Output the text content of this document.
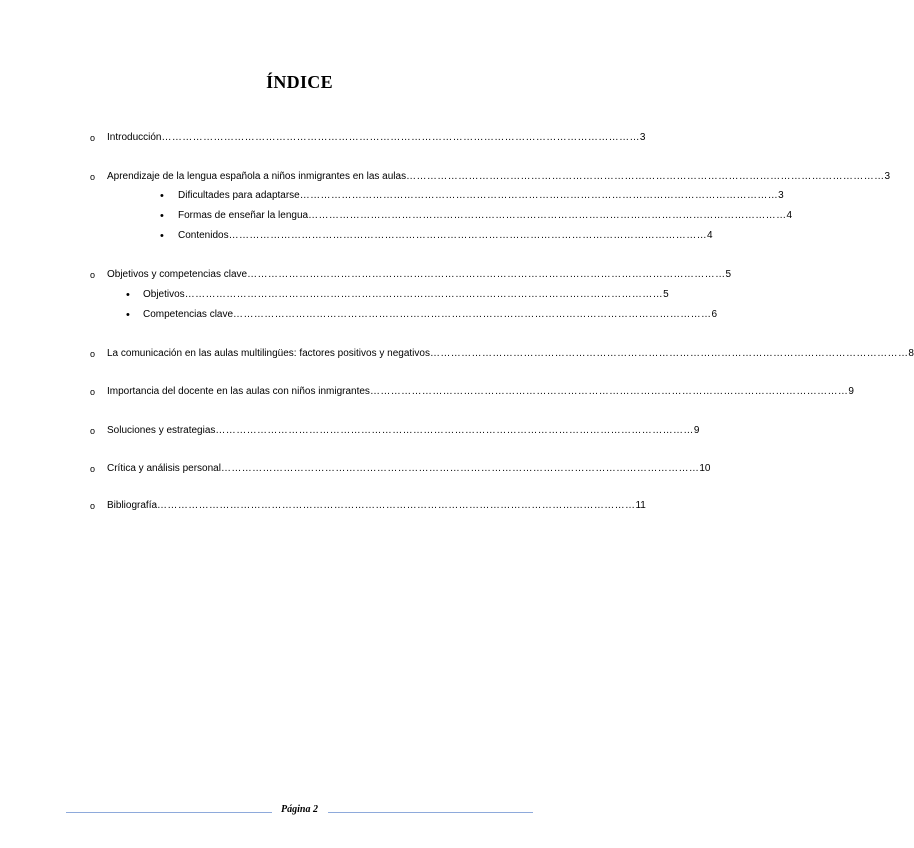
ÍNDICE
o Introducción ………………………………………………………………………………………………………………………… 3
o Aprendizaje de la lengua española a niños inmigrantes en las aulas ………………………………………………………………………………………………………………………… 3
• Dificultades para adaptarse ………………………………………………………………………………………………………………………… 3
• Formas de enseñar la lengua ………………………………………………………………………………………………………………………… 4
• Contenidos ………………………………………………………………………………………………………………………… 4
o Objetivos y competencias clave ………………………………………………………………………………………………………………………… 5
• Objetivos ………………………………………………………………………………………………………………………… 5
• Competencias clave ………………………………………………………………………………………………………………………… 6
o La comunicación en las aulas multilingües: factores positivos y negativos ………………………………………………………………………………………………………………………… 8
o Importancia del docente en las aulas con niños inmigrantes ………………………………………………………………………………………………………………………… 9
o Soluciones y estrategias ………………………………………………………………………………………………………………………… 9
o Crítica y análisis personal ………………………………………………………………………………………………………………………… 10
o Bibliografía ………………………………………………………………………………………………………………………… 11
Página 2
